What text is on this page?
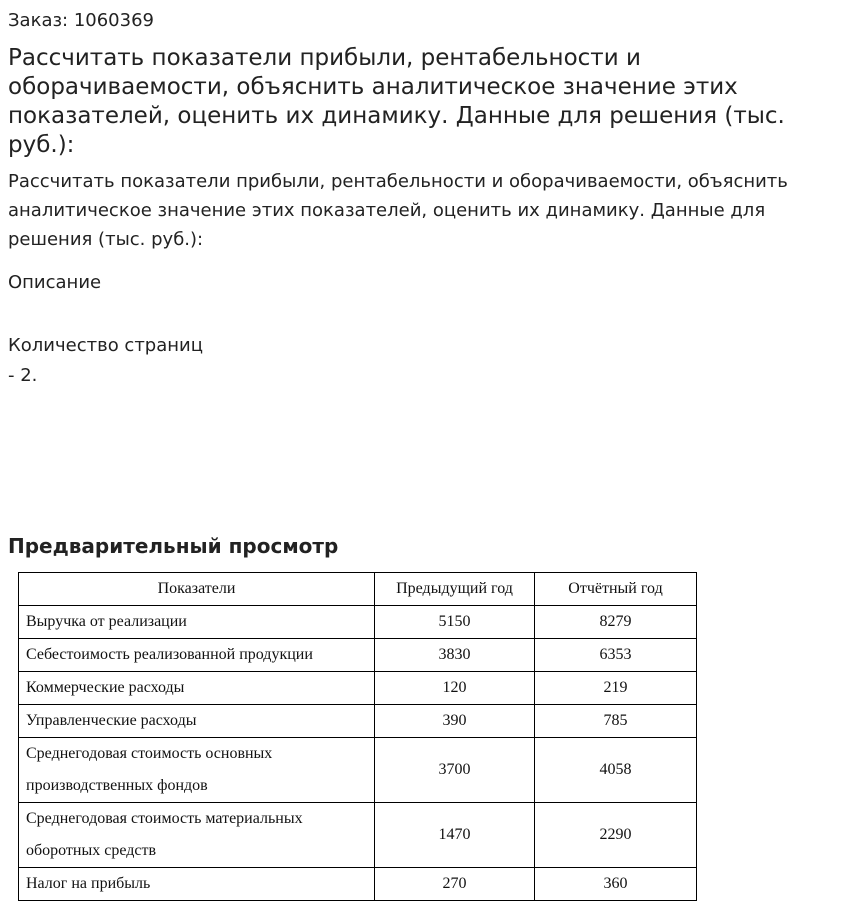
Заказ: 1060369

Рассчитать показатели прибыли, рентабельности и оборачиваемости, объяснить аналитическое значение этих показателей, оценить их динамику. Данные для решения (тыс. руб.):

Рассчитать показатели прибыли, рентабельности и оборачиваемости, объяснить аналитическое значение этих показателей, оценить их динамику. Данные для решения (тыс. руб.):

Описание

Количество страниц

- 2.

Предварительный просмотр
Показатели	Предыдущий год	Отчётный год
Выручка от реализации	5150	8279
Себестоимость реализованной продукции	3830	6353
Коммерческие расходы	120	219
Управленческие расходы	390	785
Среднегодовая стоимость основных производственных фондов	3700	4058
Среднегодовая стоимость материальных оборотных средств	1470	2290
Налог на прибыль	270	360
